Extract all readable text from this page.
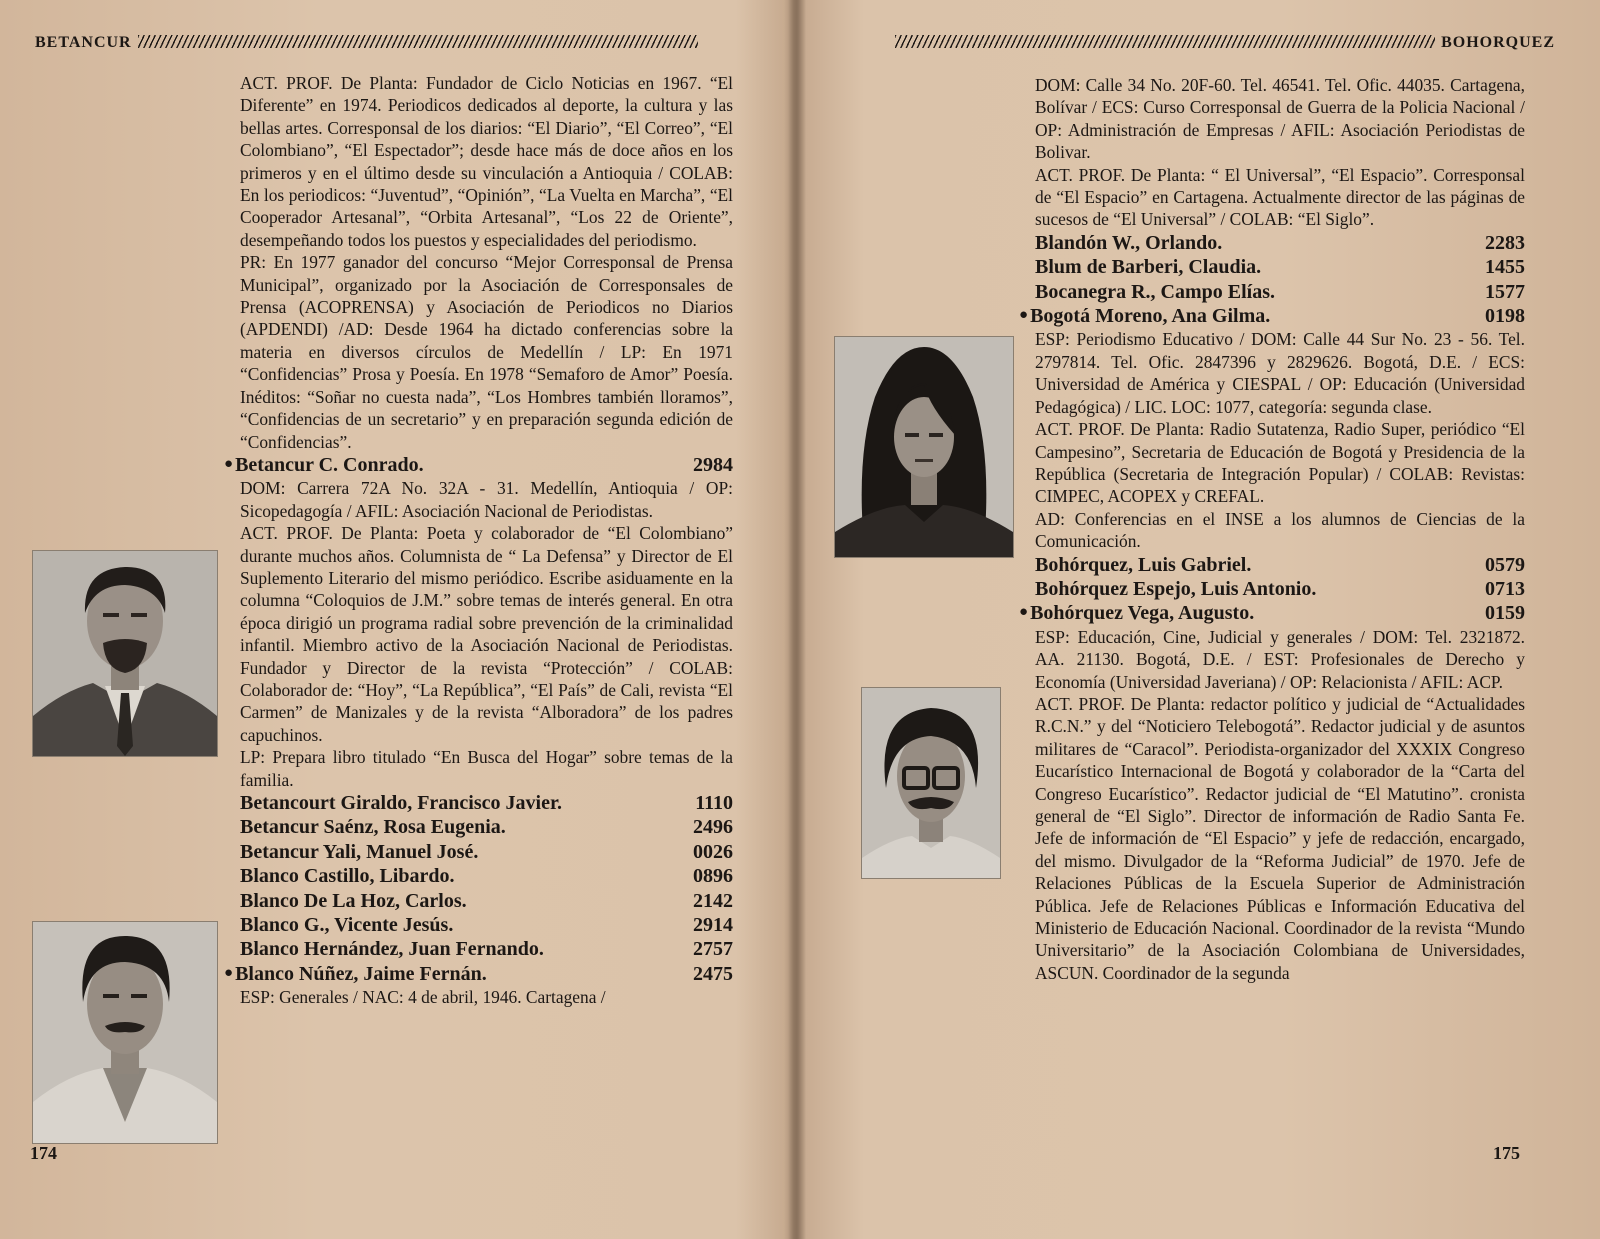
BETANCUR

ACT. PROF. De Planta: Fundador de Ciclo Noticias en 1967. “El Diferente” en 1974. Periodicos dedicados al deporte, la cultura y las bellas artes. Corresponsal de los diarios: “El Diario”, “El Correo”, “El Colombiano”, “El Espectador”; desde hace más de doce años en los primeros y en el último desde su vinculación a Antioquia / COLAB: En los periodicos: “Juventud”, “Opinión”, “La Vuelta en Marcha”, “El Cooperador Artesanal”, “Orbita Artesanal”, “Los 22 de Oriente”, desempeñando todos los puestos y especialidades del periodismo.

PR: En 1977 ganador del concurso “Mejor Corresponsal de Prensa Municipal”, organizado por la Asociación de Corresponsales de Prensa (ACOPRENSA) y Asociación de Periodicos no Diarios (APDENDI) /AD: Desde 1964 ha dictado conferencias sobre la materia en diversos círculos de Medellín / LP: En 1971 “Confidencias” Prosa y Poesía. En 1978 “Semaforo de Amor” Poesía. Inéditos: “Soñar no cuesta nada”, “Los Hombres también lloramos”, “Confidencias de un secretario” y en preparación segunda edición de “Confidencias”.

● Betancur C. Conrado.	2984

DOM: Carrera 72A No. 32A - 31. Medellín, Antioquia / OP: Sicopedagogía / AFIL: Asociación Nacional de Periodistas.

ACT. PROF. De Planta: Poeta y colaborador de “El Colombiano” durante muchos años. Columnista de “ La Defensa” y Director de El Suplemento Literario del mismo periódico. Escribe asiduamente en la columna “Coloquios de J.M.” sobre temas de interés general. En otra época dirigió un programa radial sobre prevención de la criminalidad infantil. Miembro activo de la Asociación Nacional de Periodistas. Fundador y Director de la revista “Protección” / COLAB: Colaborador de: “Hoy”, “La República”, “El País” de Cali, revista “El Carmen” de Manizales y de la revista “Alboradora” de los padres capuchinos.

LP: Prepara libro titulado “En Busca del Hogar” sobre temas de la familia.

Betancourt Giraldo, Francisco Javier.	1110
Betancur Saénz, Rosa Eugenia.	2496
Betancur Yali, Manuel José.	0026
Blanco Castillo, Libardo.	0896
Blanco De La Hoz, Carlos.	2142
Blanco G., Vicente Jesús.	2914
Blanco Hernández, Juan Fernando.	2757
● Blanco Núñez, Jaime Fernán.	2475

ESP: Generales / NAC: 4 de abril, 1946. Cartagena /

174
BOHORQUEZ

DOM: Calle 34 No. 20F-60. Tel. 46541. Tel. Ofic. 44035. Cartagena, Bolívar / ECS: Curso Corresponsal de Guerra de la Policia Nacional / OP: Administración de Empresas / AFIL: Asociación Periodistas de Bolivar.

ACT. PROF. De Planta: “ El Universal”, “El Espacio”. Corresponsal de “El Espacio” en Cartagena. Actualmente director de las páginas de sucesos de “El Universal” / COLAB: “El Siglo”.

Blandón W., Orlando.	2283
Blum de Barberi, Claudia.	1455
Bocanegra R., Campo Elías.	1577
● Bogotá Moreno, Ana Gilma.	0198

ESP: Periodismo Educativo / DOM: Calle 44 Sur No. 23 - 56. Tel. 2797814. Tel. Ofic. 2847396 y 2829626. Bogotá, D.E. / ECS: Universidad de América y CIESPAL / OP: Educación (Universidad Pedagógica) / LIC. LOC: 1077, categoría: segunda clase.

ACT. PROF. De Planta: Radio Sutatenza, Radio Super, periódico “El Campesino”, Secretaria de Educación de Bogotá y Presidencia de la República (Secretaria de Integración Popular) / COLAB: Revistas: CIMPEC, ACOPEX y CREFAL.

AD: Conferencias en el INSE a los alumnos de Ciencias de la Comunicación.

Bohórquez, Luis Gabriel.	0579
Bohórquez Espejo, Luis Antonio.	0713
● Bohórquez Vega, Augusto.	0159

ESP: Educación, Cine, Judicial y generales / DOM: Tel. 2321872. AA. 21130. Bogotá, D.E. / EST: Profesionales de Derecho y Economía (Universidad Javeriana) / OP: Relacionista / AFIL: ACP.

ACT. PROF. De Planta: redactor político y judicial de “Actualidades R.C.N.” y del “Noticiero Telebogotá”. Redactor judicial y de asuntos militares de “Caracol”. Periodista-organizador del XXXIX Congreso Eucarístico Internacional de Bogotá y colaborador de la “Carta del Congreso Eucarístico”. Redactor judicial de “El Matutino”. cronista general de “El Siglo”. Director de información de Radio Santa Fe. Jefe de información de “El Espacio” y jefe de redacción, encargado, del mismo. Divulgador de la “Reforma Judicial” de 1970. Jefe de Relaciones Públicas de la Escuela Superior de Administración Pública. Jefe de Relaciones Públicas e Información Educativa del Ministerio de Educación Nacional. Coordinador de la revista “Mundo Universitario” de la Asociación Colombiana de Universidades, ASCUN. Coordinador de la segunda

175
